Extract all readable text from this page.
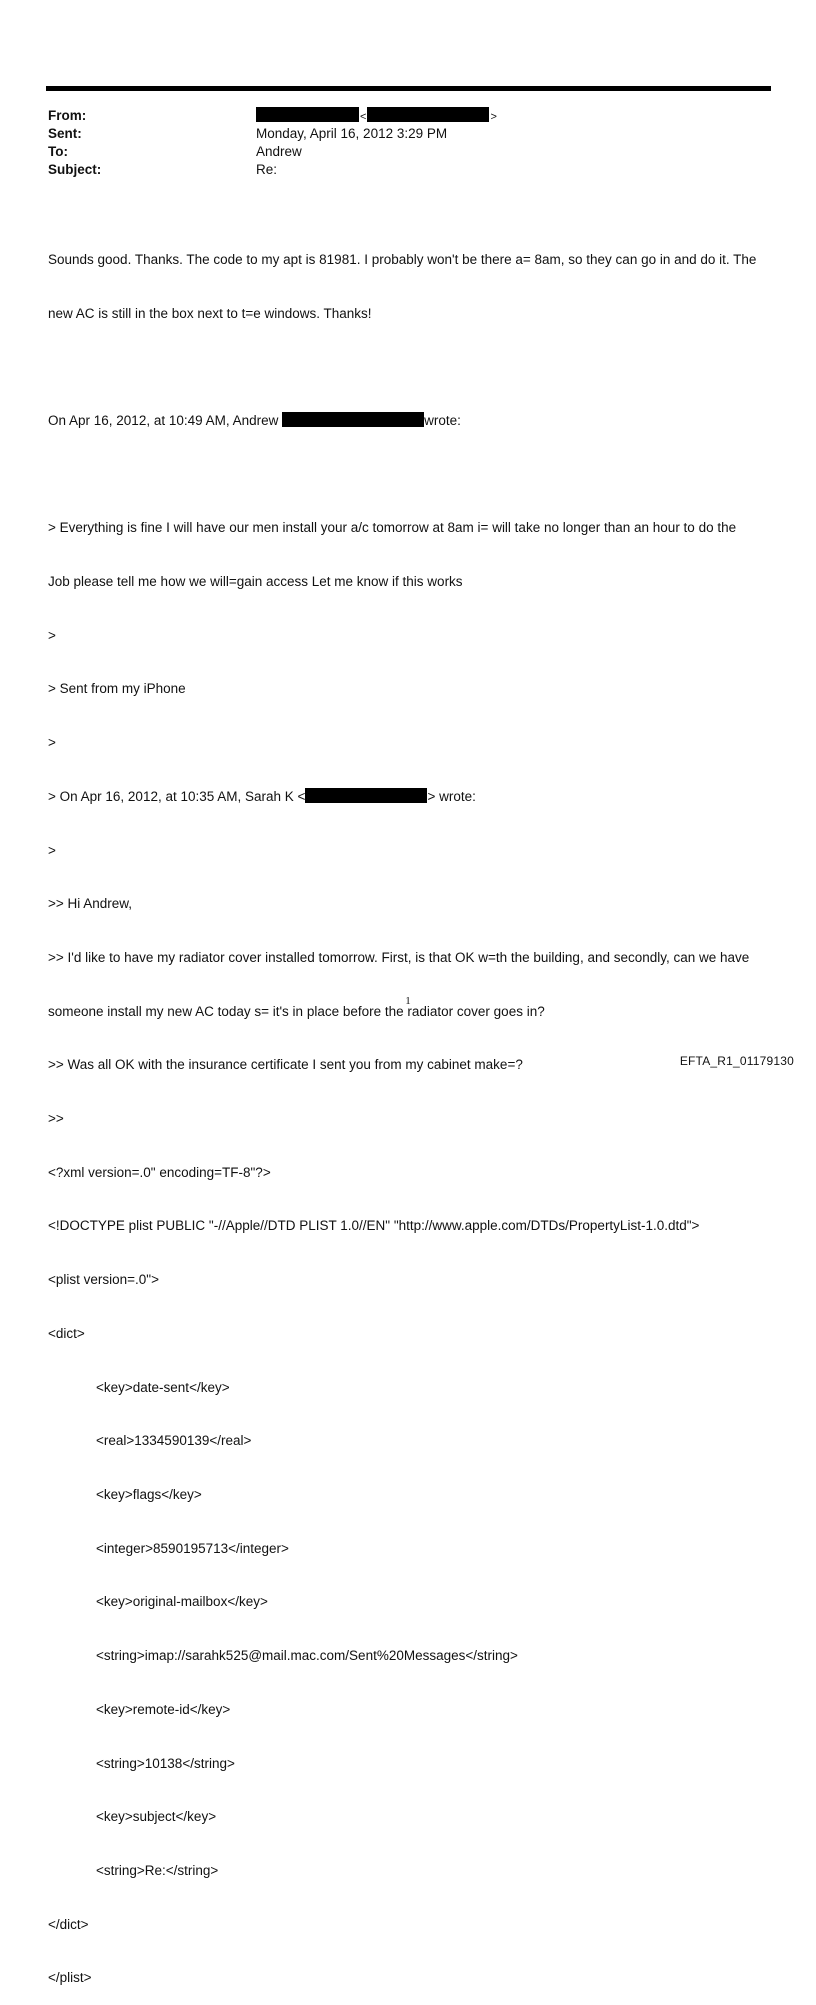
From:	<	>
Sent:	Monday, April 16, 2012 3:29 PM
To:	Andrew
Subject:	Re:

Sounds good. Thanks. The code to my apt is 81981. I probably won't be there a= 8am, so they can go in and do it. The

new AC is still in the box next to t=e windows. Thanks!

On Apr 16, 2012, at 10:49 AM, Andrew	wrote:

> Everything is fine I will have our men install your a/c tomorrow at 8am i= will take no longer than an hour to do the

Job please tell me how we will=gain access Let me know if this works

>

> Sent from my iPhone

>

> On Apr 16, 2012, at 10:35 AM, Sarah K <	> wrote:

>

>> Hi Andrew,

>> I'd like to have my radiator cover installed tomorrow. First, is that OK w=th the building, and secondly, can we have

someone install my new AC today s= it's in place before the radiator cover goes in?

>> Was all OK with the insurance certificate I sent you from my cabinet make=?

>>

<?xml version=.0" encoding=TF-8"?>

<!DOCTYPE plist PUBLIC "-//Apple//DTD PLIST 1.0//EN" "http://www.apple.com/DTDs/PropertyList-1.0.dtd">

<plist version=.0">

<dict>

<key>date-sent</key>

<real>1334590139</real>

<key>flags</key>

<integer>8590195713</integer>

<key>original-mailbox</key>

<string>imap://sarahk525@mail.mac.com/Sent%20Messages</string>

<key>remote-id</key>

<string>10138</string>

<key>subject</key>

<string>Re:</string>

</dict>

</plist>

1
EFTA_R1_01179130
